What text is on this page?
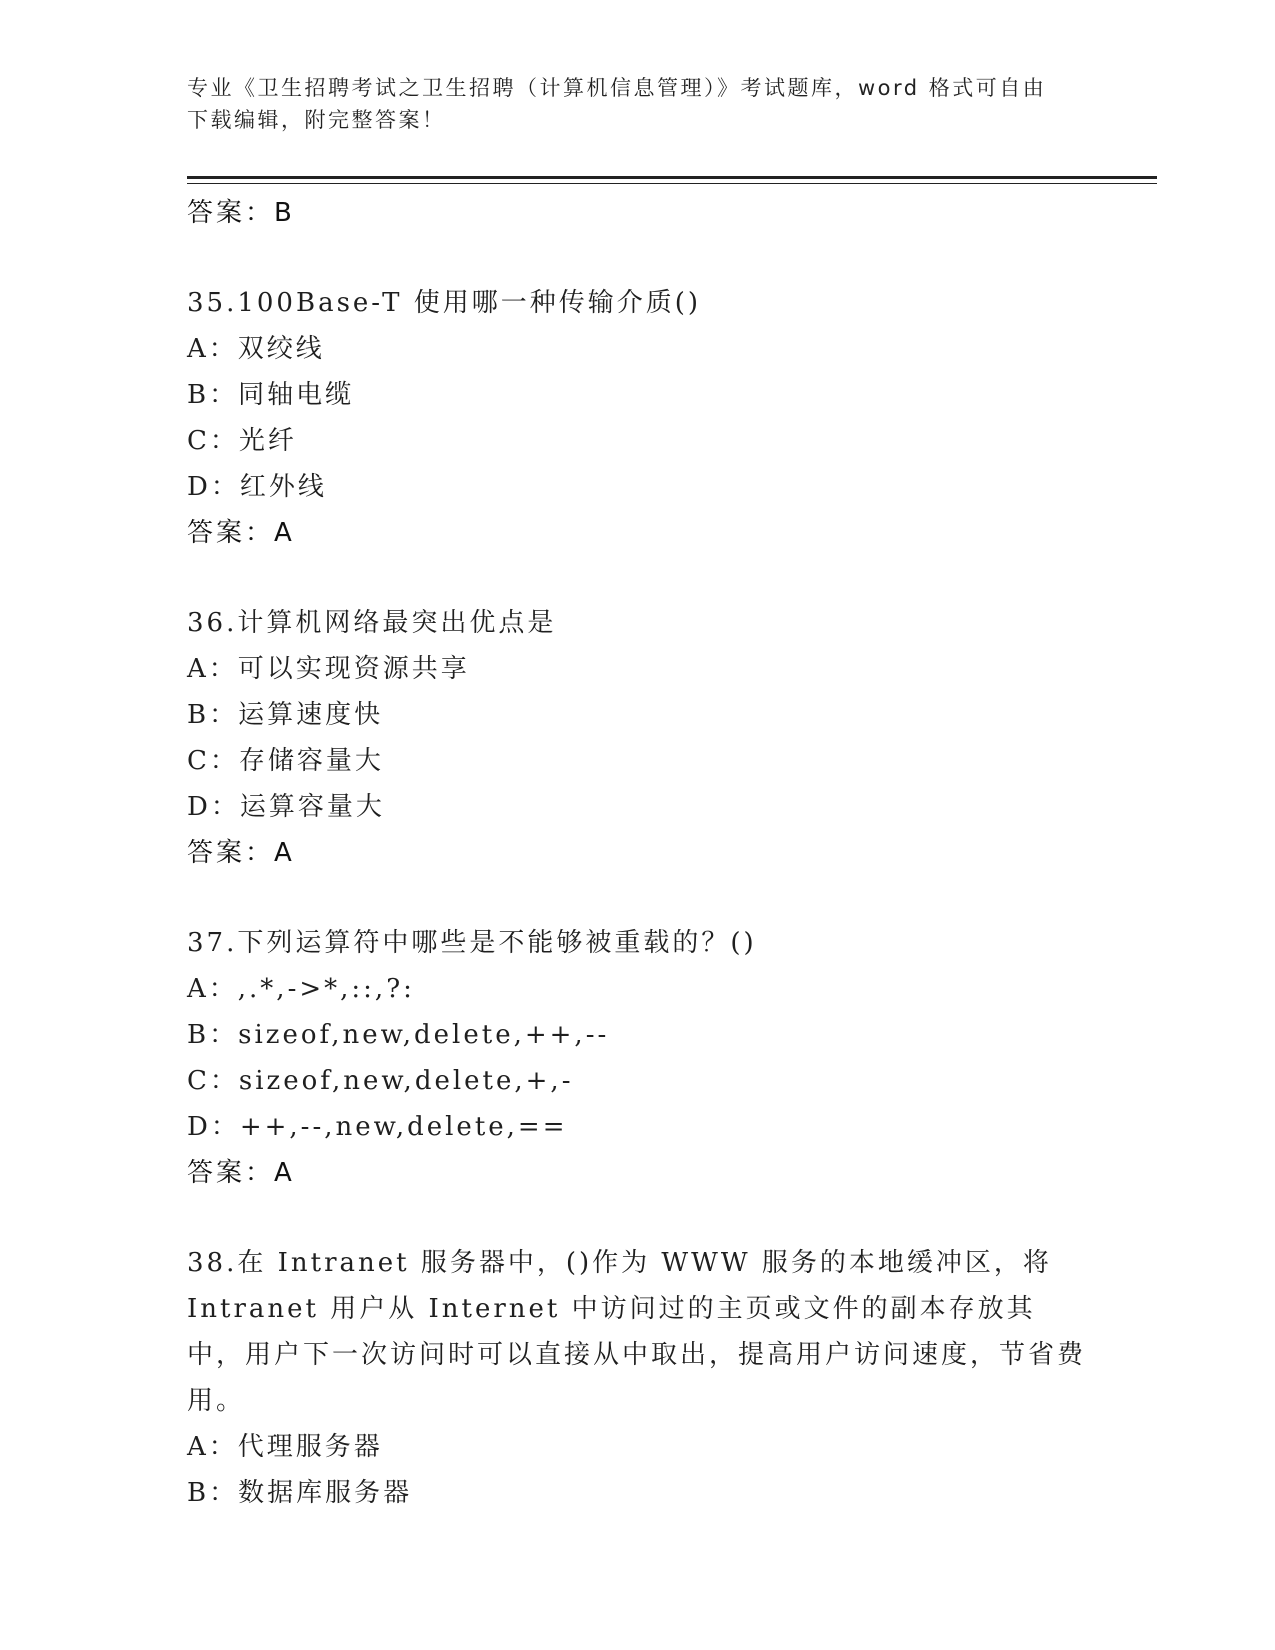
专业《卫生招聘考试之卫生招聘（计算机信息管理）》考试题库，word 格式可自由下载编辑，附完整答案！
答案：B
35.100Base-T 使用哪一种传输介质()
A：双绞线
B：同轴电缆
C：光纤
D：红外线
答案：A
36.计算机网络最突出优点是
A：可以实现资源共享
B：运算速度快
C：存储容量大
D：运算容量大
答案：A
37.下列运算符中哪些是不能够被重载的？()
A：,.*,->*,::,?:
B：sizeof,new,delete,++,--
C：sizeof,new,delete,+,-
D：++,--,new,delete,==
答案：A
38.在 Intranet 服务器中，()作为 WWW 服务的本地缓冲区，将 Intranet 用户从 Internet 中访问过的主页或文件的副本存放其中，用户下一次访问时可以直接从中取出，提高用户访问速度，节省费用。
A：代理服务器
B：数据库服务器
